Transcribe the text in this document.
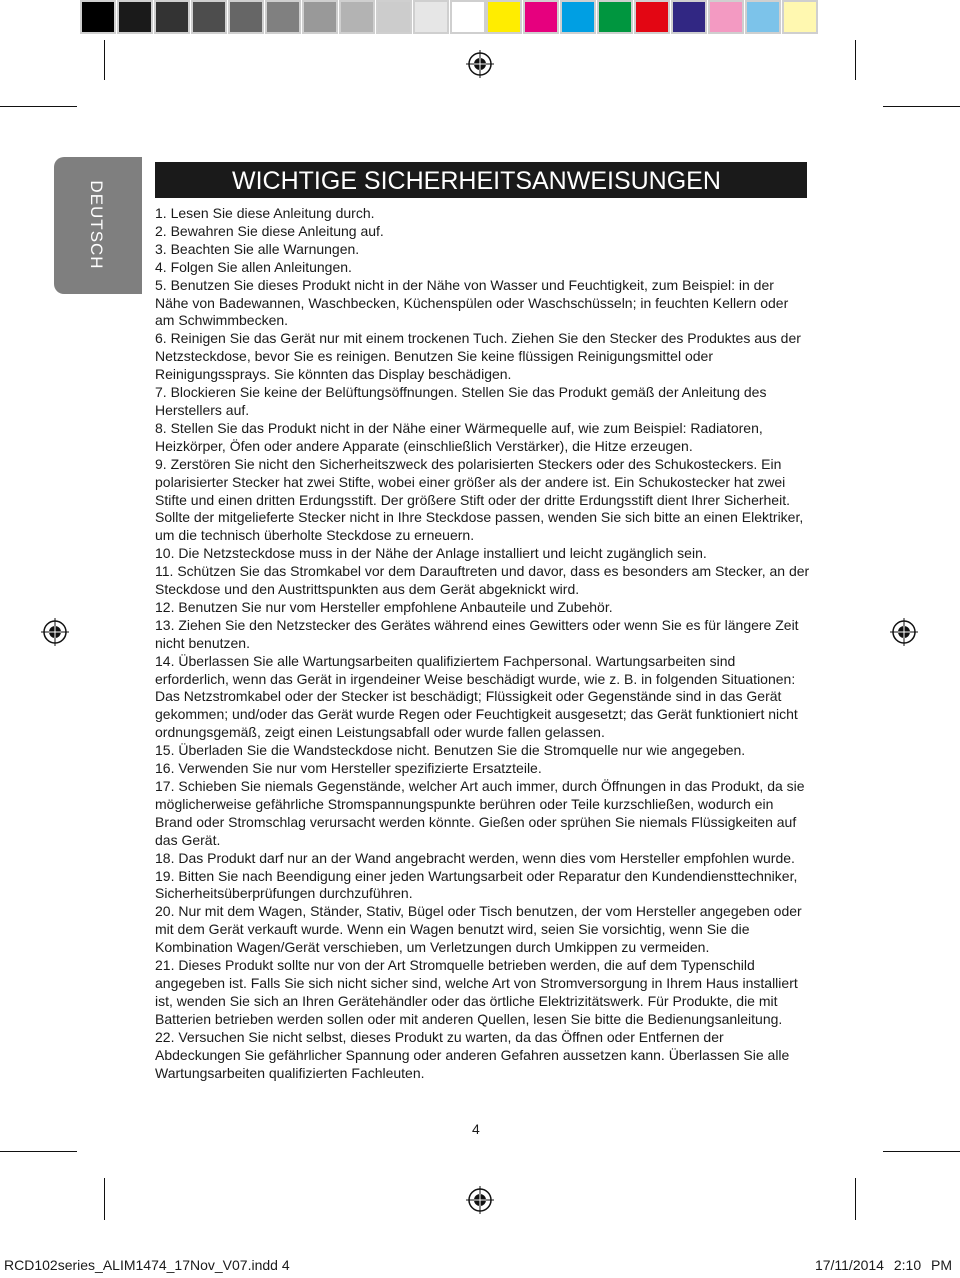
DEUTSCH	WICHTIGE SICHERHEITSANWEISUNGEN

1. Lesen Sie diese Anleitung durch.

2. Bewahren Sie diese Anleitung auf.

3. Beachten Sie alle Warnungen.

4. Folgen Sie allen Anleitungen.

5. Benutzen Sie dieses Produkt nicht in der Nähe von Wasser und Feuchtigkeit, zum Beispiel: in der Nähe von Badewannen, Waschbecken, Küchenspülen oder Waschschüsseln; in feuchten Kellern oder am Schwimmbecken.

6. Reinigen Sie das Gerät nur mit einem trockenen Tuch. Ziehen Sie den Stecker des Produktes aus der Netzsteckdose, bevor Sie es reinigen. Benutzen Sie keine flüssigen Reinigungsmittel oder Reinigungssprays. Sie könnten das Display beschädigen.

7. Blockieren Sie keine der Belüftungsöffnungen. Stellen Sie das Produkt gemäß der Anleitung des Herstellers auf.

8. Stellen Sie das Produkt nicht in der Nähe einer Wärmequelle auf, wie zum Beispiel: Radiatoren, Heizkörper, Öfen oder andere Apparate (einschließlich Verstärker), die Hitze erzeugen.

9. Zerstören Sie nicht den Sicherheitszweck des polarisierten Steckers oder des Schukosteckers. Ein polarisierter Stecker hat zwei Stifte, wobei einer größer als der andere ist. Ein Schukostecker hat zwei Stifte und einen dritten Erdungsstift. Der größere Stift oder der dritte Erdungsstift dient Ihrer Sicherheit. Sollte der mitgelieferte Stecker nicht in Ihre Steckdose passen, wenden Sie sich bitte an einen Elektriker, um die technisch überholte Steckdose zu erneuern.

10. Die Netzsteckdose muss in der Nähe der Anlage installiert und leicht zugänglich sein.

11. Schützen Sie das Stromkabel vor dem Darauftreten und davor, dass es besonders am Stecker, an der Steckdose und den Austrittspunkten aus dem Gerät abgeknickt wird.

12. Benutzen Sie nur vom Hersteller empfohlene Anbauteile und Zubehör.

13. Ziehen Sie den Netzstecker des Gerätes während eines Gewitters oder wenn Sie es für längere Zeit nicht benutzen.

14. Überlassen Sie alle Wartungsarbeiten qualifiziertem Fachpersonal. Wartungsarbeiten sind erforderlich, wenn das Gerät in irgendeiner Weise beschädigt wurde, wie z. B. in folgenden Situationen: Das Netzstromkabel oder der Stecker ist beschädigt; Flüssigkeit oder Gegenstände sind in das Gerät gekommen; und/oder das Gerät wurde Regen oder Feuchtigkeit ausgesetzt; das Gerät funktioniert nicht ordnungsgemäß, zeigt einen Leistungsabfall oder wurde fallen gelassen.

15. Überladen Sie die Wandsteckdose nicht. Benutzen Sie die Stromquelle nur wie angegeben.

16. Verwenden Sie nur vom Hersteller spezifizierte Ersatzteile.

17. Schieben Sie niemals Gegenstände, welcher Art auch immer, durch Öffnungen in das Produkt, da sie möglicherweise gefährliche Stromspannungspunkte berühren oder Teile kurzschließen, wodurch ein Brand oder Stromschlag verursacht werden könnte. Gießen oder sprühen Sie niemals Flüssigkeiten auf das Gerät.

18. Das Produkt darf nur an der Wand angebracht werden, wenn dies vom Hersteller empfohlen wurde.

19. Bitten Sie nach Beendigung einer jeden Wartungsarbeit oder Reparatur den Kundendiensttechniker, Sicherheitsüberprüfungen durchzuführen.

20. Nur mit dem Wagen, Ständer, Stativ, Bügel oder Tisch benutzen, der vom Hersteller angegeben oder mit dem Gerät verkauft wurde. Wenn ein Wagen benutzt wird, seien Sie vorsichtig, wenn Sie die Kombination Wagen/Gerät verschieben, um Verletzungen durch Umkippen zu vermeiden.

21. Dieses Produkt sollte nur von der Art Stromquelle betrieben werden, die auf dem Typenschild angegeben ist. Falls Sie sich nicht sicher sind, welche Art von Stromversorgung in Ihrem Haus installiert ist, wenden Sie sich an Ihren Gerätehändler oder das örtliche Elektrizitätswerk. Für Produkte, die mit Batterien betrieben werden sollen oder mit anderen Quellen, lesen Sie bitte die Bedienungsanleitung.

22. Versuchen Sie nicht selbst, dieses Produkt zu warten, da das Öffnen oder Entfernen der Abdeckungen Sie gefährlicher Spannung oder anderen Gefahren aussetzen kann. Überlassen Sie alle Wartungsarbeiten qualifizierten Fachleuten.

4
RCD102series_ALIM1474_17Nov_V07.indd 4	17/11/2014 2:10 PM
